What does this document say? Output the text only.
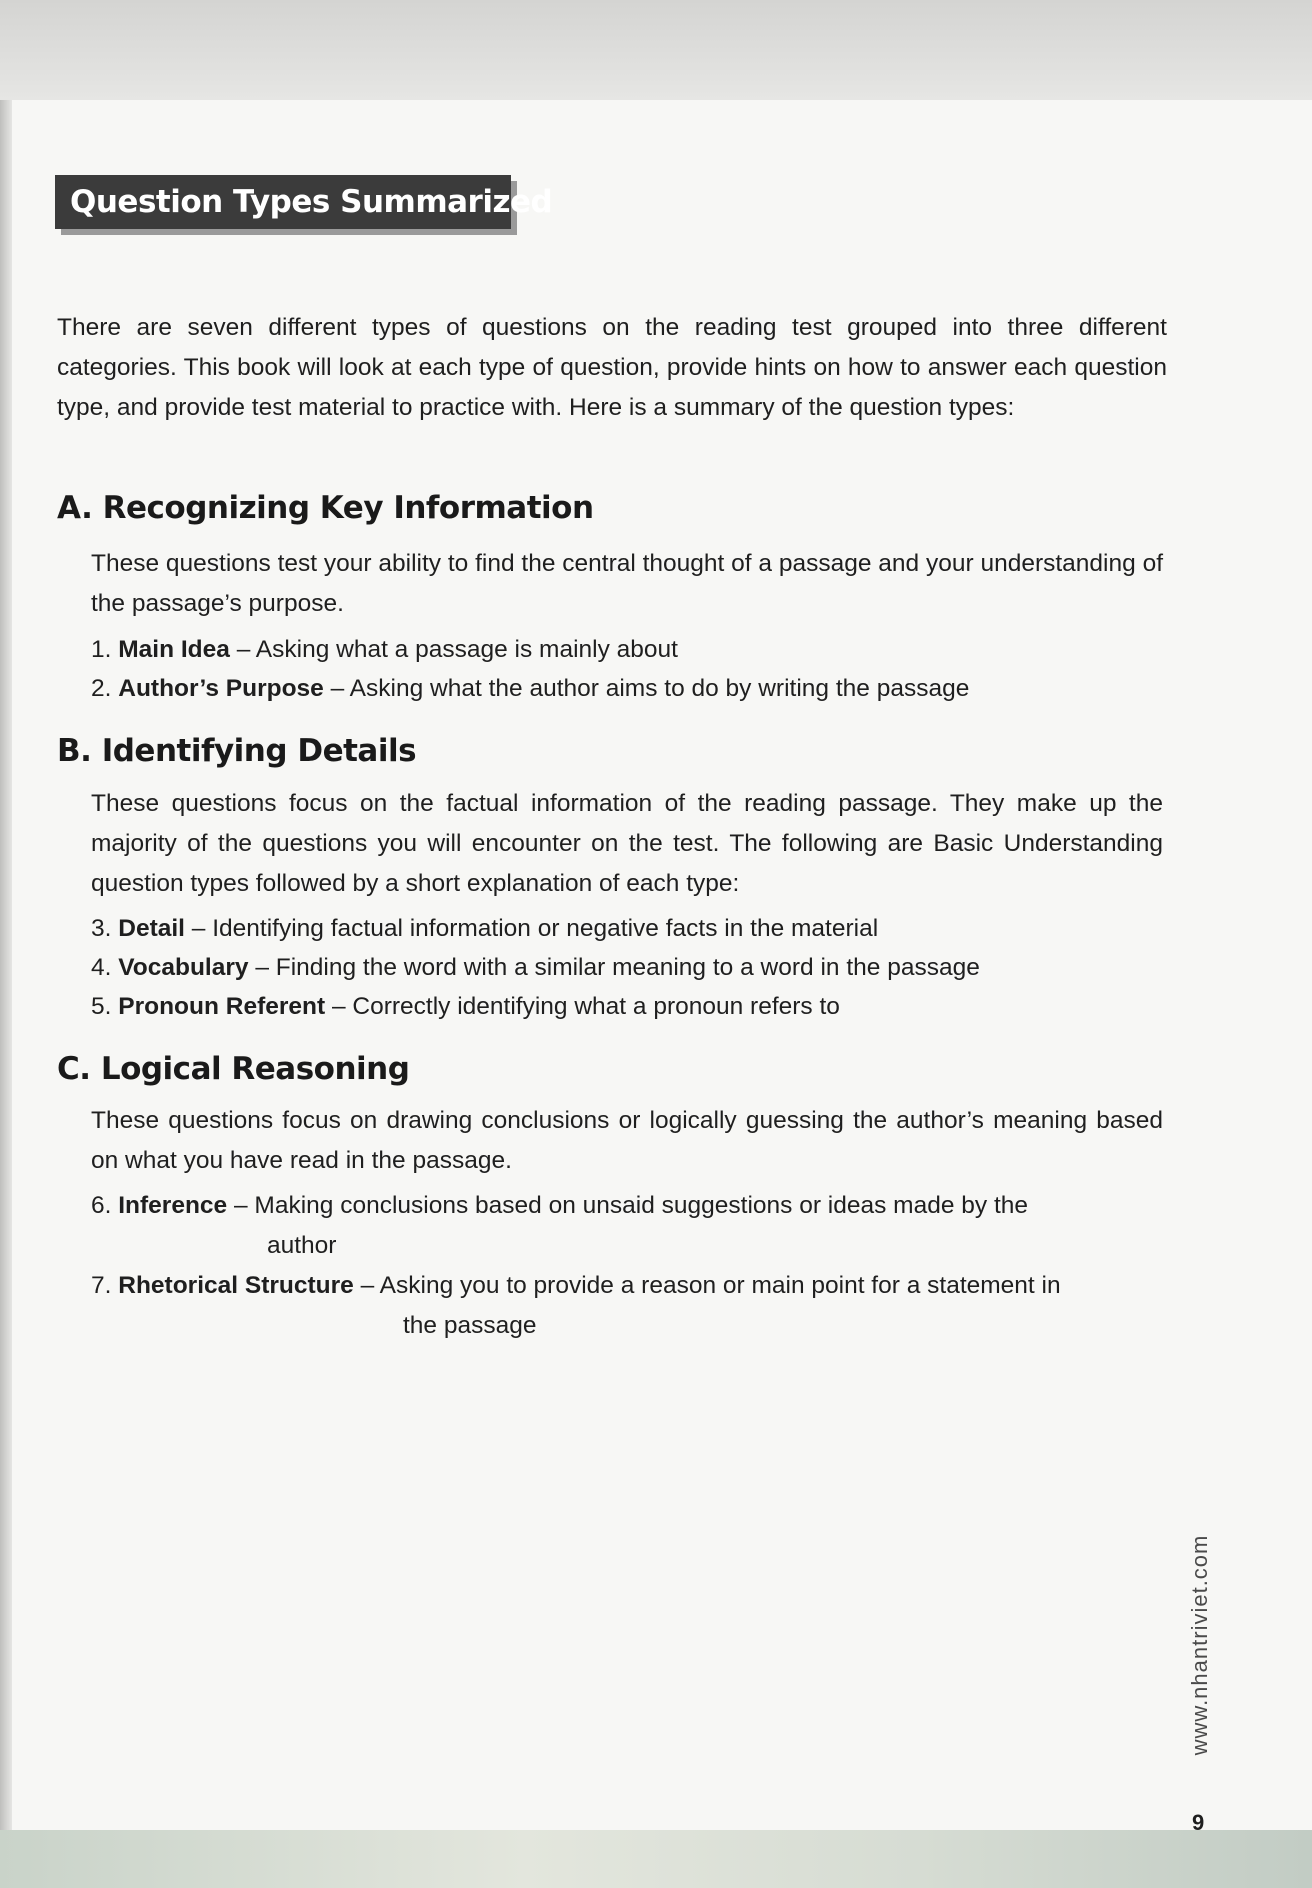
Question Types Summarized
There are seven different types of questions on the reading test grouped into three different categories. This book will look at each type of question, provide hints on how to answer each question type, and provide test material to practice with. Here is a summary of the question types:
A. Recognizing Key Information
These questions test your ability to find the central thought of a passage and your understanding of the passage’s purpose.
1. Main Idea – Asking what a passage is mainly about
2. Author’s Purpose – Asking what the author aims to do by writing the passage
B. Identifying Details
These questions focus on the factual information of the reading passage. They make up the majority of the questions you will encounter on the test. The following are Basic Understanding question types followed by a short explanation of each type:
3. Detail – Identifying factual information or negative facts in the material
4. Vocabulary – Finding the word with a similar meaning to a word in the passage
5. Pronoun Referent – Correctly identifying what a pronoun refers to
C. Logical Reasoning
These questions focus on drawing conclusions or logically guessing the author’s meaning based on what you have read in the passage.
6. Inference – Making conclusions based on unsaid suggestions or ideas made by the
author
7. Rhetorical Structure – Asking you to provide a reason or main point for a statement in
the passage
www.nhantriviet.com
9
